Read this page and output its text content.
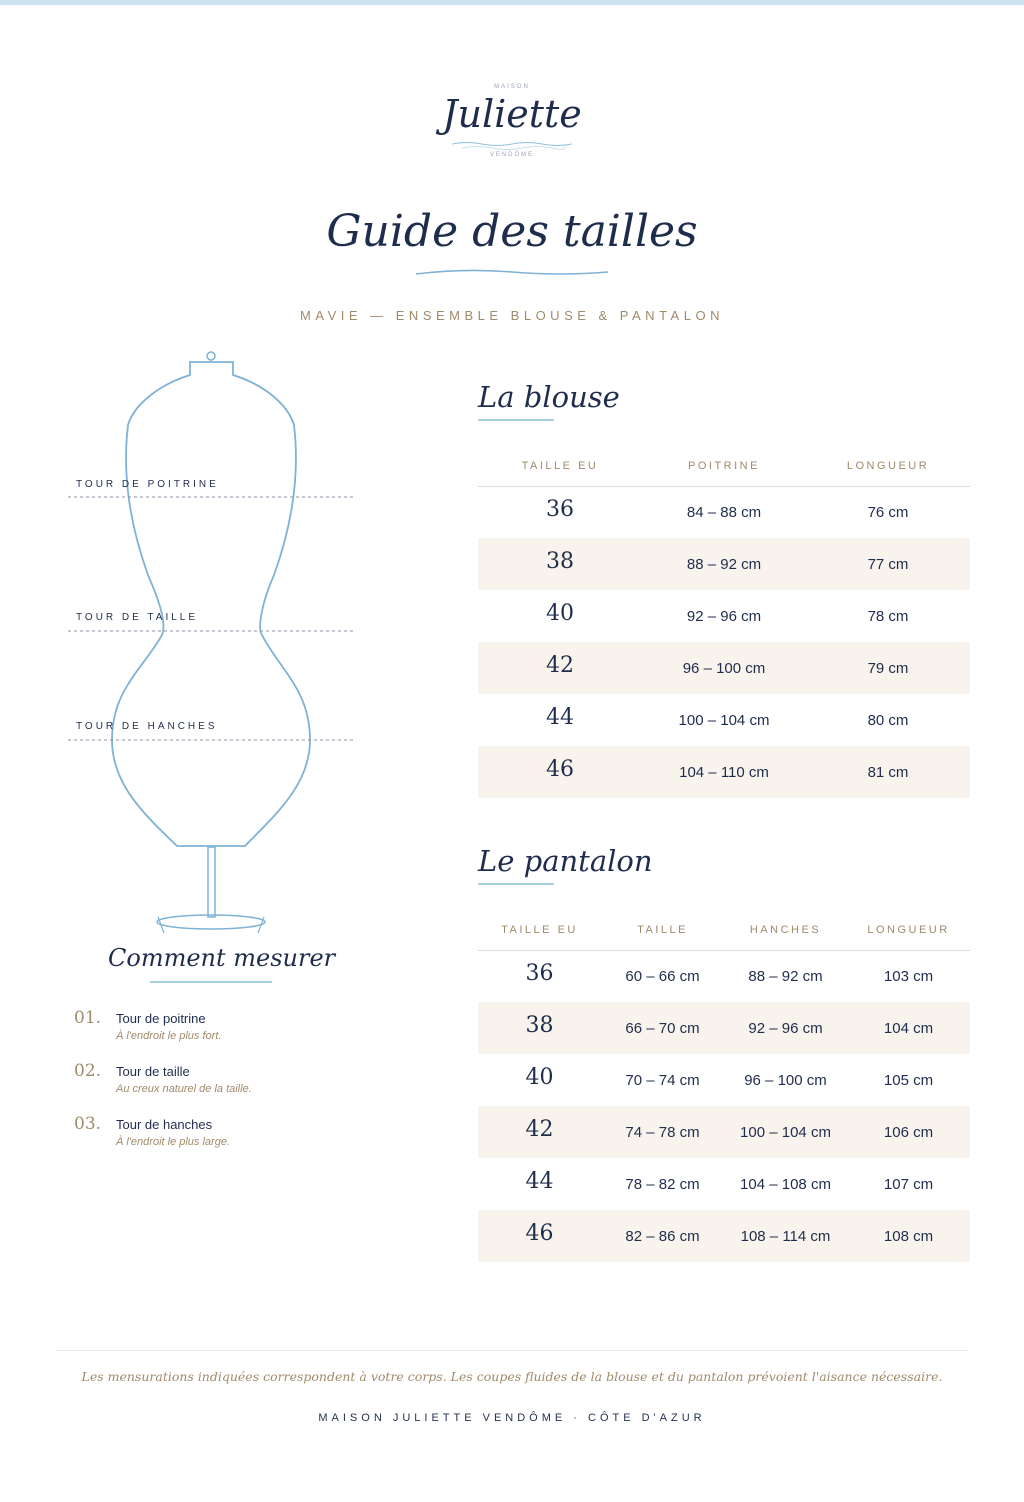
MAISON
Juliette
VENDÔME
Guide des tailles
MAVIE — ENSEMBLE BLOUSE & PANTALON
TOUR DE POITRINE
TOUR DE TAILLE
TOUR DE HANCHES
Comment mesurer
01. Tour de poitrine
À l'endroit le plus fort.
02. Tour de taille
Au creux naturel de la taille.
03. Tour de hanches
À l'endroit le plus large.
La blouse
TAILLE EU	POITRINE	LONGUEUR
36	84 – 88 cm	76 cm
38	88 – 92 cm	77 cm
40	92 – 96 cm	78 cm
42	96 – 100 cm	79 cm
44	100 – 104 cm	80 cm
46	104 – 110 cm	81 cm
Le pantalon
TAILLE EU	TAILLE	HANCHES	LONGUEUR
36	60 – 66 cm	88 – 92 cm	103 cm
38	66 – 70 cm	92 – 96 cm	104 cm
40	70 – 74 cm	96 – 100 cm	105 cm
42	74 – 78 cm	100 – 104 cm	106 cm
44	78 – 82 cm	104 – 108 cm	107 cm
46	82 – 86 cm	108 – 114 cm	108 cm
Les mensurations indiquées correspondent à votre corps. Les coupes fluides de la blouse et du pantalon prévoient l'aisance nécessaire.
MAISON JULIETTE VENDÔME · CÔTE D'AZUR
